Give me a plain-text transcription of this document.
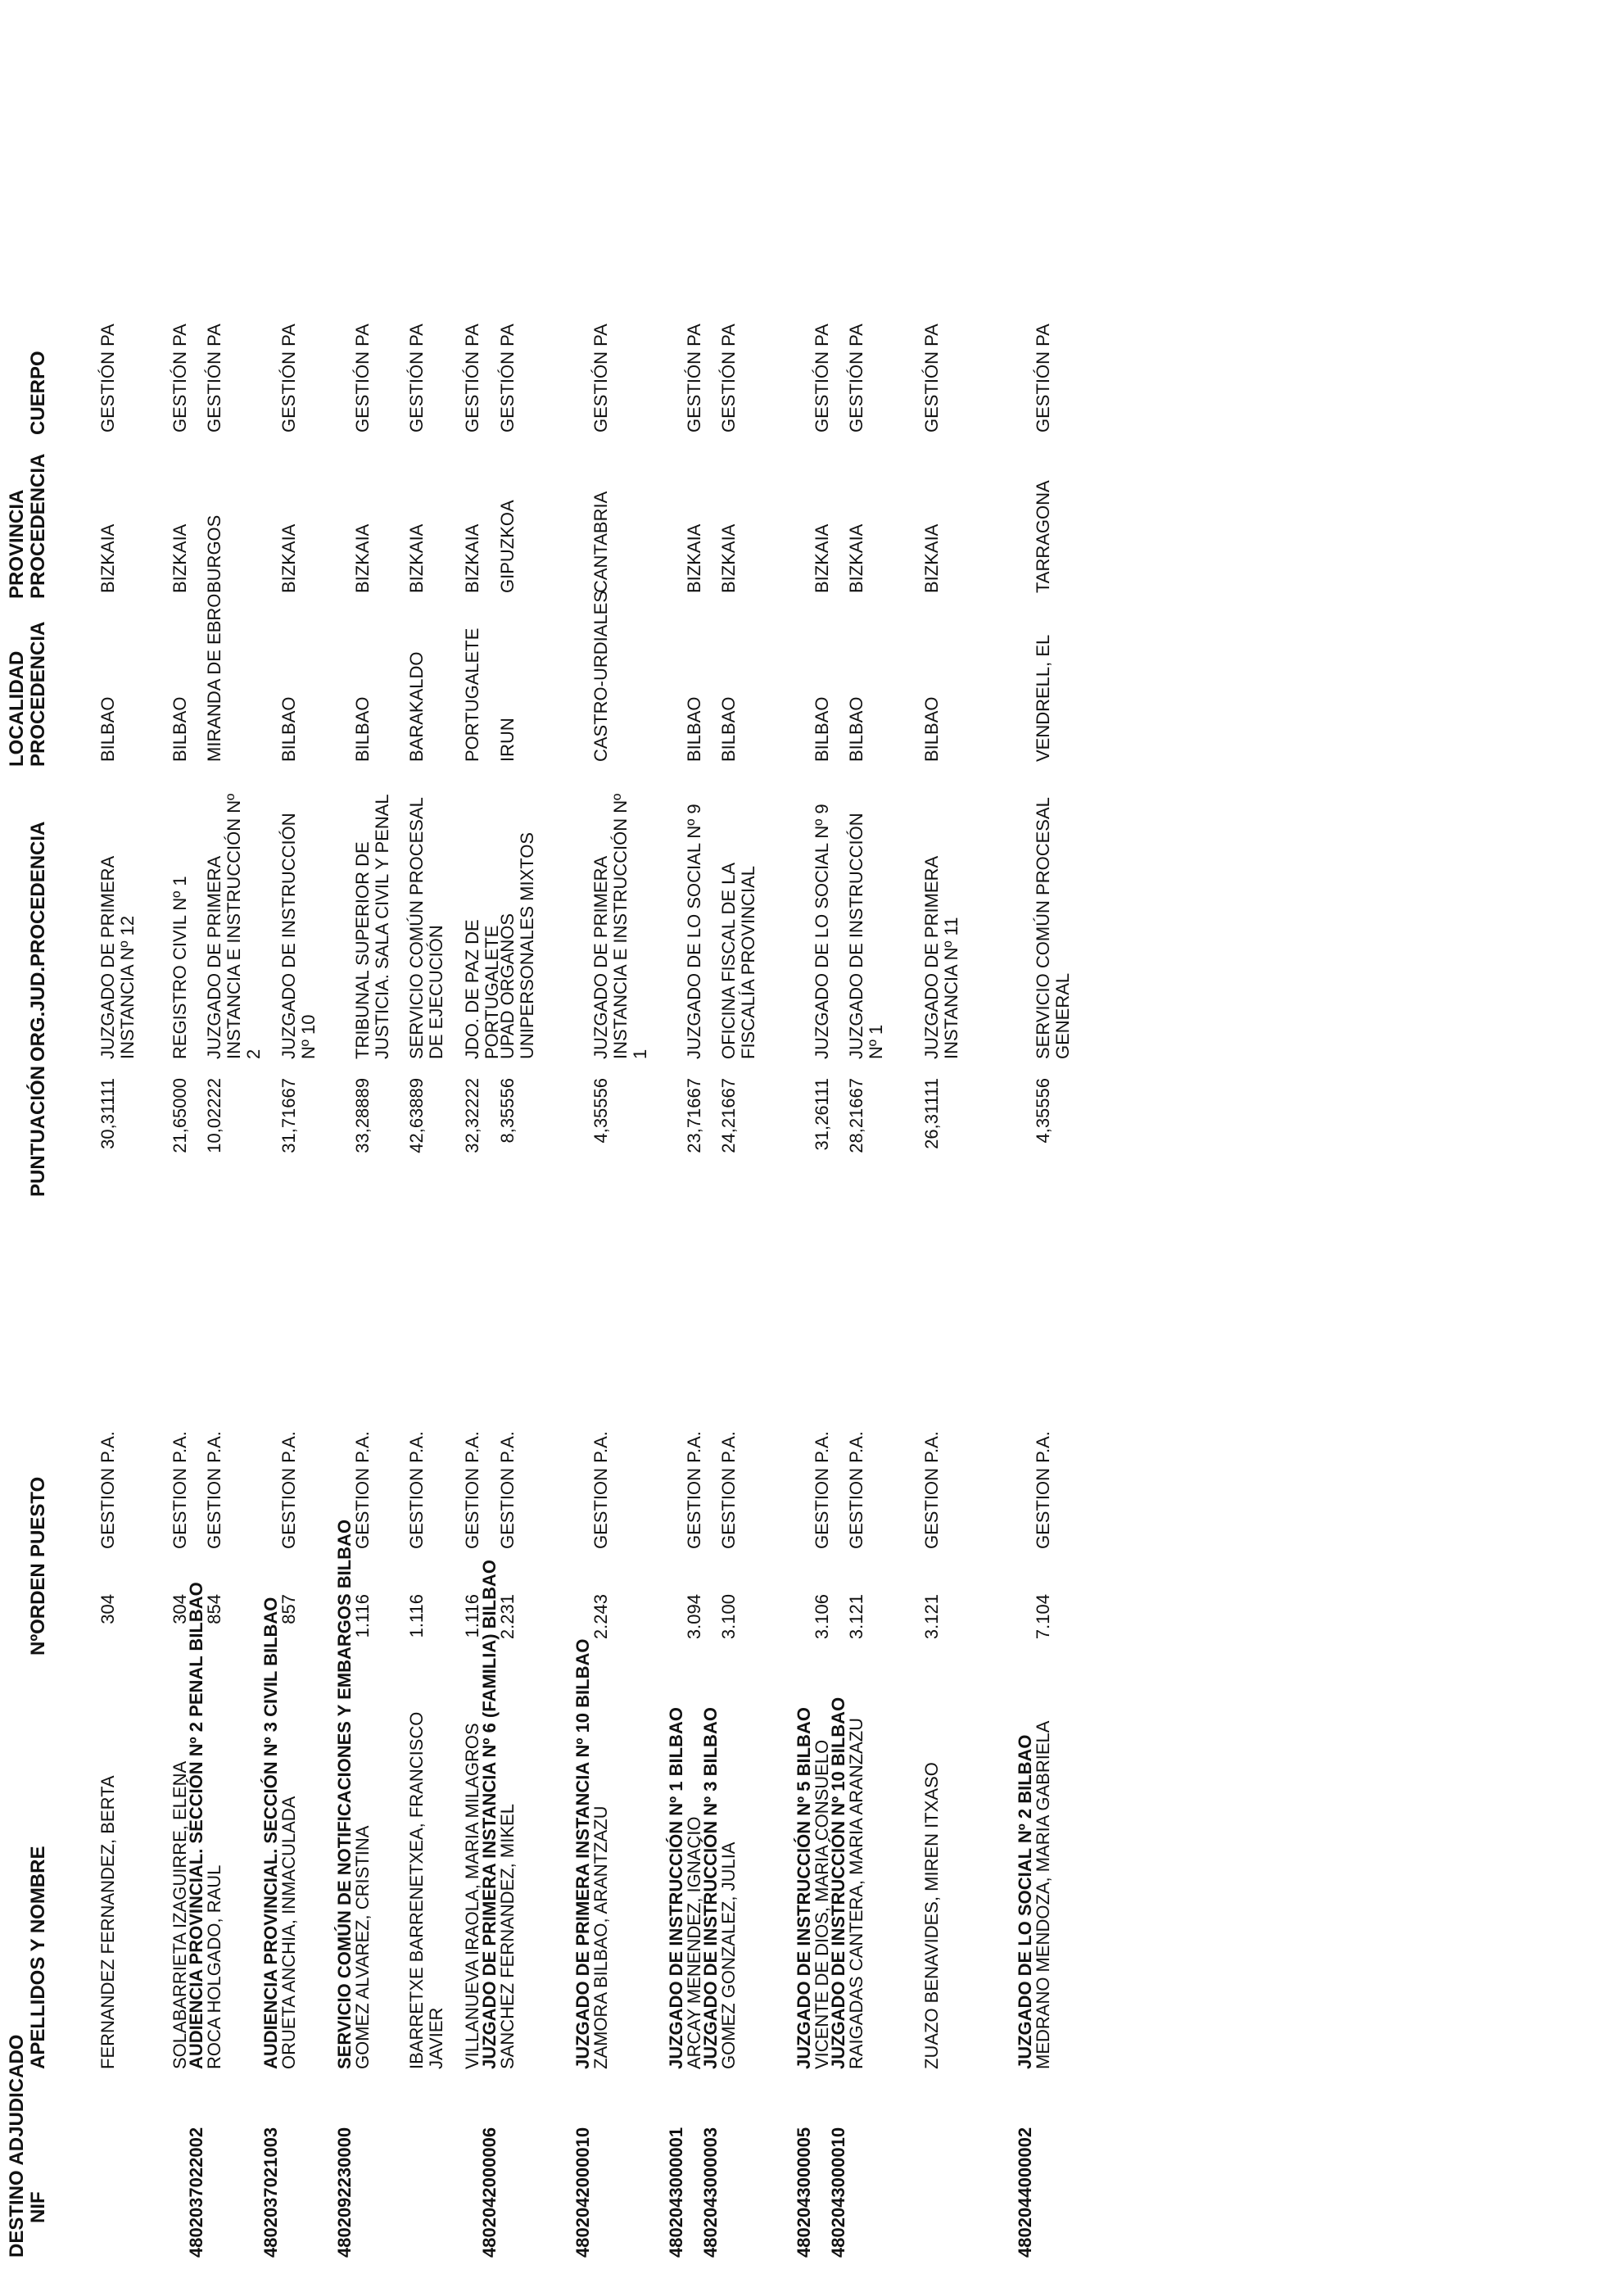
DESTINO ADJUDICADO NIF
APELLIDOS Y NOMBRE
NºORDEN
PUESTO
PUNTUACIÓN
ORG.JUD.PROCEDENCIA
LOCALIDAD PROCEDENCIA
PROVINCIA PROCEDENCIA
CUERPO
FERNANDEZ FERNANDEZ, BERTA
304
GESTION P.A.
30,31111
JUZGADO DE PRIMERA INSTANCIA Nº 12
BILBAO
BIZKAIA
GESTIÓN PA
SOLABARRIETA IZAGUIRRE, ELENA
304
GESTION P.A.
21,65000
REGISTRO CIVIL Nº 1
BILBAO
BIZKAIA
GESTIÓN PA
4802037022002
AUDIENCIA PROVINCIAL. SECCIÓN Nº 2 PENAL BILBAO
ROCA HOLGADO, RAUL
854
GESTION P.A.
10,02222
JUZGADO DE PRIMERA INSTANCIA E INSTRUCCIÓN Nº 2
MIRANDA DE EBRO
BURGOS
GESTIÓN PA
4802037021003
AUDIENCIA PROVINCIAL. SECCIÓN Nº 3 CIVIL BILBAO
ORUETA ANCHIA, INMACULADA
857
GESTION P.A.
31,71667
JUZGADO DE INSTRUCCIÓN Nº 10
BILBAO
BIZKAIA
GESTIÓN PA
4802092230000
SERVICIO COMÚN DE NOTIFICACIONES Y EMBARGOS BILBAO
GOMEZ ALVAREZ, CRISTINA
1.116
GESTION P.A.
33,28889
TRIBUNAL SUPERIOR DE JUSTICIA. SALA CIVIL Y PENAL
BILBAO
BIZKAIA
GESTIÓN PA
IBARRETXE BARRENETXEA, FRANCISCO JAVIER
1.116
GESTION P.A.
42,63889
SERVICIO COMÚN PROCESAL DE EJECUCIÓN
BARAKALDO
BIZKAIA
GESTIÓN PA
VILLANUEVA IRAOLA, MARIA MILAGROS
1.116
GESTION P.A.
32,32222
JDO. DE PAZ DE PORTUGALETE
PORTUGALETE
BIZKAIA
GESTIÓN PA
4802042000006
JUZGADO DE PRIMERA INSTANCIA Nº 6 (FAMILIA) BILBAO
SANCHEZ FERNANDEZ, MIKEL
2.231
GESTION P.A.
8,35556
UPAD ORGANOS UNIPERSONALES MIXTOS
IRUN
GIPUZKOA
GESTIÓN PA
4802042000010
JUZGADO DE PRIMERA INSTANCIA Nº 10 BILBAO
ZAMORA BILBAO, ARANTZAZU
2.243
GESTION P.A.
4,35556
JUZGADO DE PRIMERA INSTANCIA E INSTRUCCIÓN Nº 1
CASTRO-URDIALES
CANTABRIA
GESTIÓN PA
4802043000001
JUZGADO DE INSTRUCCIÓN Nº 1 BILBAO
ARCAY MENENDEZ, IGNACIO
3.094
GESTION P.A.
23,71667
JUZGADO DE LO SOCIAL Nº 9
BILBAO
BIZKAIA
GESTIÓN PA
4802043000003
JUZGADO DE INSTRUCCIÓN Nº 3 BILBAO
GOMEZ GONZALEZ, JULIA
3.100
GESTION P.A.
24,21667
OFICINA FISCAL DE LA FISCALÍA PROVINCIAL
BILBAO
BIZKAIA
GESTIÓN PA
4802043000005
JUZGADO DE INSTRUCCIÓN Nº 5 BILBAO
VICENTE DE DIOS, MARIA CONSUELO
3.106
GESTION P.A.
31,26111
JUZGADO DE LO SOCIAL Nº 9
BILBAO
BIZKAIA
GESTIÓN PA
4802043000010
JUZGADO DE INSTRUCCIÓN Nº 10 BILBAO
RAIGADAS CANTERA, MARIA ARANZAZU
3.121
GESTION P.A.
28,21667
JUZGADO DE INSTRUCCIÓN Nº 1
BILBAO
BIZKAIA
GESTIÓN PA
ZUAZO BENAVIDES, MIREN ITXASO
3.121
GESTION P.A.
26,31111
JUZGADO DE PRIMERA INSTANCIA Nº 11
BILBAO
BIZKAIA
GESTIÓN PA
4802044000002
JUZGADO DE LO SOCIAL Nº 2 BILBAO
MEDRANO MENDOZA, MARIA GABRIELA
7.104
GESTION P.A.
4,35556
SERVICIO COMÚN PROCESAL GENERAL
VENDRELL, EL
TARRAGONA
GESTIÓN PA
